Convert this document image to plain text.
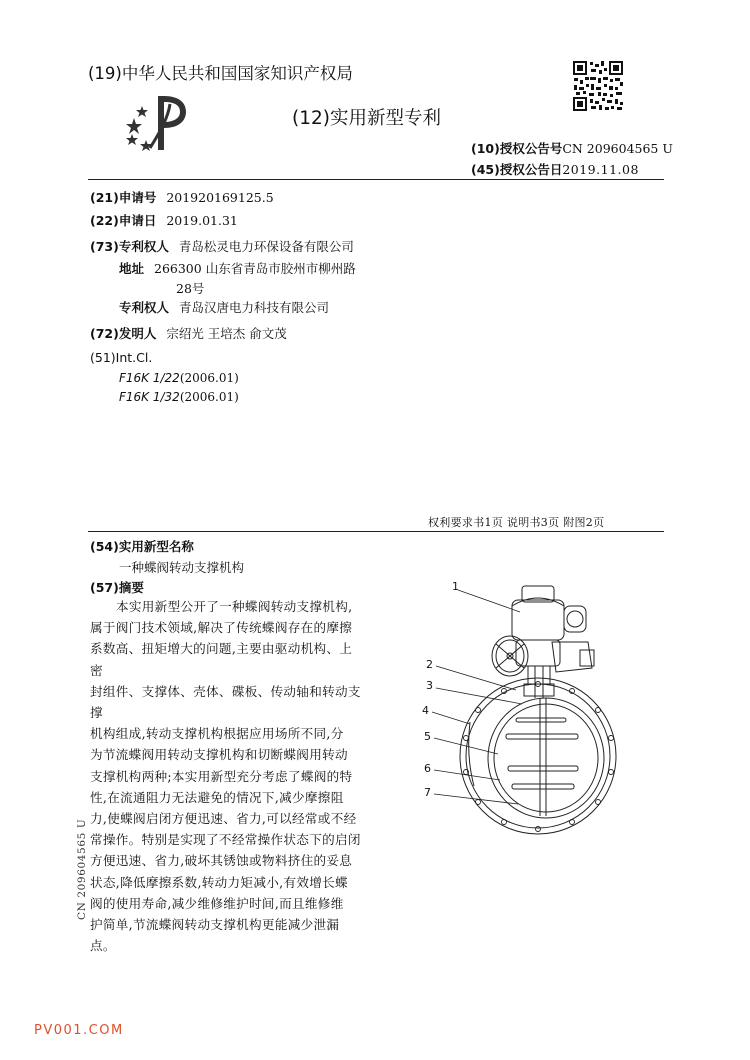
(19)中华人民共和国国家知识产权局
(12)实用新型专利
(10)授权公告号CN 209604565 U
(45)授权公告日2019.11.08
(21)申请号 201920169125.5
(22)申请日 2019.01.31
(73)专利权人 青岛松灵电力环保设备有限公司
地址 266300 山东省青岛市胶州市柳州路
28号
专利权人 青岛汉唐电力科技有限公司
(72)发明人 宗绍光 王培杰 俞文茂
(51)Int.Cl.
F16K 1/22(2006.01)
F16K 1/32(2006.01)
权利要求书1页 说明书3页 附图2页
(54)实用新型名称
一种蝶阀转动支撑机构
(57)摘要

本实用新型公开了一种蝶阀转动支撑机构,

属于阀门技术领域,解决了传统蝶阀存在的摩擦

系数高、扭矩增大的问题,主要由驱动机构、上密

封组件、支撑体、壳体、碟板、传动轴和转动支撑

机构组成,转动支撑机构根据应用场所不同,分

为节流蝶阀用转动支撑机构和切断蝶阀用转动

支撑机构两种;本实用新型充分考虑了蝶阀的特

性,在流通阻力无法避免的情况下,减少摩擦阻

力,使蝶阀启闭方便迅速、省力,可以经常或不经

常操作。特别是实现了不经常操作状态下的启闭

方便迅速、省力,破坏其锈蚀或物料挤住的妥息

状态,降低摩擦系数,转动力矩减小,有效增长蝶

阀的使用寿命,减少维修维护时间,而且维修维

护简单,节流蝶阀转动支撑机构更能减少泄漏

点。

1
2
3
4
5
6
7
CN 209604565 U
PV001.COM
